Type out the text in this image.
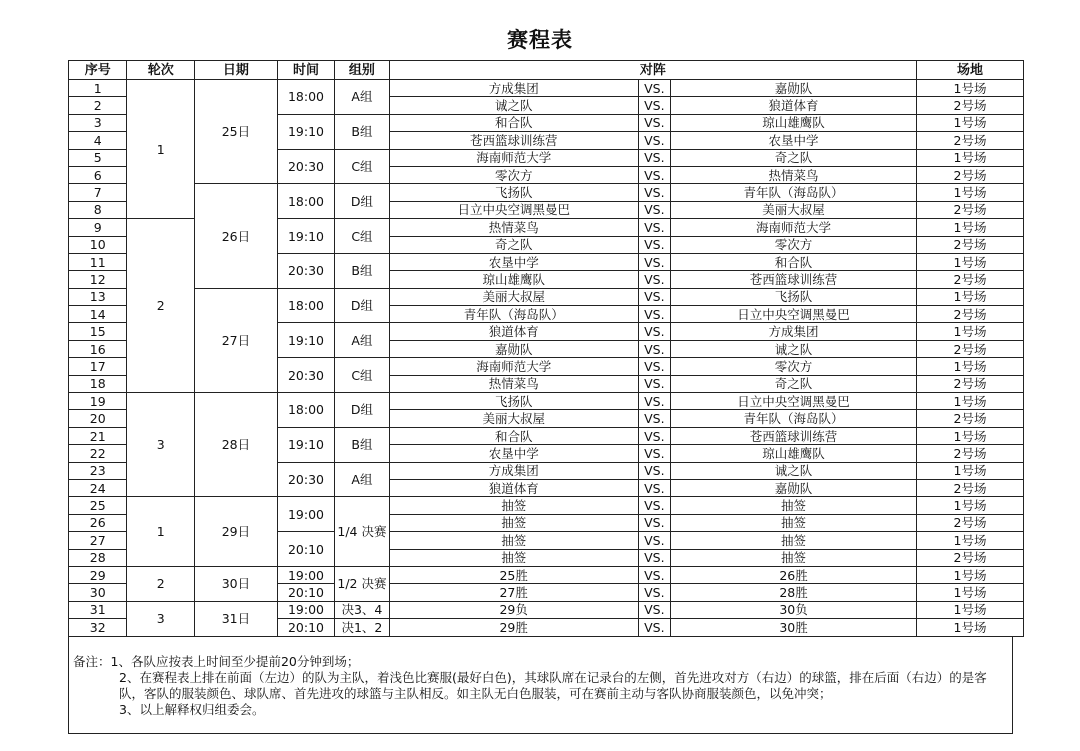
赛程表
序号	轮次	日期	时间	组别	对阵			场地
1	1	25日	18:00	A组	方成集团	VS.	嘉勋队	1号场
2					诚之队	VS.	狼道体育	2号场
3			19:10	B组	和合队	VS.	琼山雄鹰队	1号场
4					苍西篮球训练营	VS.	农垦中学	2号场
5			20:30	C组	海南师范大学	VS.	奇之队	1号场
6					零次方	VS.	热情菜鸟	2号场
7		26日	18:00	D组	飞扬队	VS.	青年队（海岛队）	1号场
8					日立中央空调黑曼巴	VS.	美丽大叔屋	2号场
9	2		19:10	C组	热情菜鸟	VS.	海南师范大学	1号场
10					奇之队	VS.	零次方	2号场
11			20:30	B组	农垦中学	VS.	和合队	1号场
12					琼山雄鹰队	VS.	苍西篮球训练营	2号场
13		27日	18:00	D组	美丽大叔屋	VS.	飞扬队	1号场
14					青年队（海岛队）	VS.	日立中央空调黑曼巴	2号场
15			19:10	A组	狼道体育	VS.	方成集团	1号场
16					嘉勋队	VS.	诚之队	2号场
17			20:30	C组	海南师范大学	VS.	零次方	1号场
18					热情菜鸟	VS.	奇之队	2号场
19	3	28日	18:00	D组	飞扬队	VS.	日立中央空调黑曼巴	1号场
20					美丽大叔屋	VS.	青年队（海岛队）	2号场
21			19:10	B组	和合队	VS.	苍西篮球训练营	1号场
22					农垦中学	VS.	琼山雄鹰队	2号场
23			20:30	A组	方成集团	VS.	诚之队	1号场
24					狼道体育	VS.	嘉勋队	2号场
25	1	29日	19:00	1/4 决赛	抽签	VS.	抽签	1号场
26					抽签	VS.	抽签	2号场
27			20:10		抽签	VS.	抽签	1号场
28					抽签	VS.	抽签	2号场
29	2	30日	19:00	1/2 决赛	25胜	VS.	26胜	1号场
30			20:10		27胜	VS.	28胜	1号场
31	3	31日	19:00	决3、4	29负	VS.	30负	1号场
32			20:10	决1、2	29胜	VS.	30胜	1号场

备注：1、各队应按表上时间至少提前20分钟到场；

2、在赛程表上排在前面（左边）的队为主队，着浅色比赛服(最好白色)，其球队席在记录台的左侧，首先进攻对方（右边）的球篮，排在后面（右边）的是客队，客队的服装颜色、球队席、首先进攻的球篮与主队相反。如主队无白色服装，可在赛前主动与客队协商服装颜色，以免冲突；

3、以上解释权归组委会。
